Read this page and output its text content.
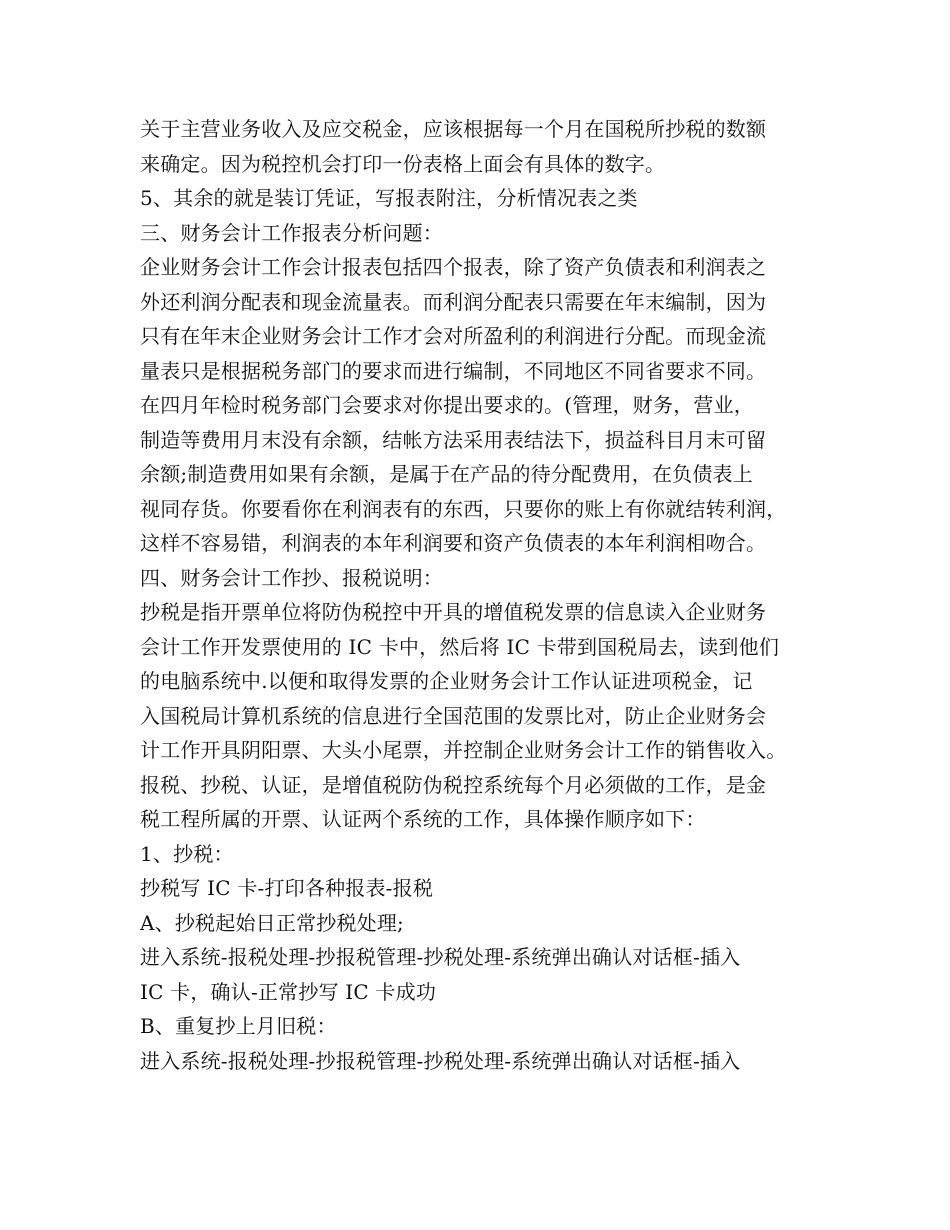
关于主营业务收入及应交税金，应该根据每一个月在国税所抄税的数额
来确定。因为税控机会打印一份表格上面会有具体的数字。
5、其余的就是装订凭证，写报表附注，分析情况表之类
三、财务会计工作报表分析问题：
企业财务会计工作会计报表包括四个报表，除了资产负债表和利润表之
外还利润分配表和现金流量表。而利润分配表只需要在年末编制，因为
只有在年末企业财务会计工作才会对所盈利的利润进行分配。而现金流
量表只是根据税务部门的要求而进行编制，不同地区不同省要求不同。
在四月年检时税务部门会要求对你提出要求的。(管理，财务，营业，
制造等费用月末没有余额，结帐方法采用表结法下，损益科目月末可留
余额;制造费用如果有余额，是属于在产品的待分配费用，在负债表上
视同存货。你要看你在利润表有的东西，只要你的账上有你就结转利润，
这样不容易错，利润表的本年利润要和资产负债表的本年利润相吻合。
四、财务会计工作抄、报税说明：
抄税是指开票单位将防伪税控中开具的增值税发票的信息读入企业财务
会计工作开发票使用的 IC 卡中，然后将 IC 卡带到国税局去，读到他们
的电脑系统中.以便和取得发票的企业财务会计工作认证进项税金，记
入国税局计算机系统的信息进行全国范围的发票比对，防止企业财务会
计工作开具阴阳票、大头小尾票，并控制企业财务会计工作的销售收入。
报税、抄税、认证，是增值税防伪税控系统每个月必须做的工作，是金
税工程所属的开票、认证两个系统的工作，具体操作顺序如下：
1、抄税：
抄税写 IC 卡-打印各种报表-报税
A、抄税起始日正常抄税处理;
进入系统-报税处理-抄报税管理-抄税处理-系统弹出确认对话框-插入
IC 卡，确认-正常抄写 IC 卡成功
B、重复抄上月旧税：
进入系统-报税处理-抄报税管理-抄税处理-系统弹出确认对话框-插入
